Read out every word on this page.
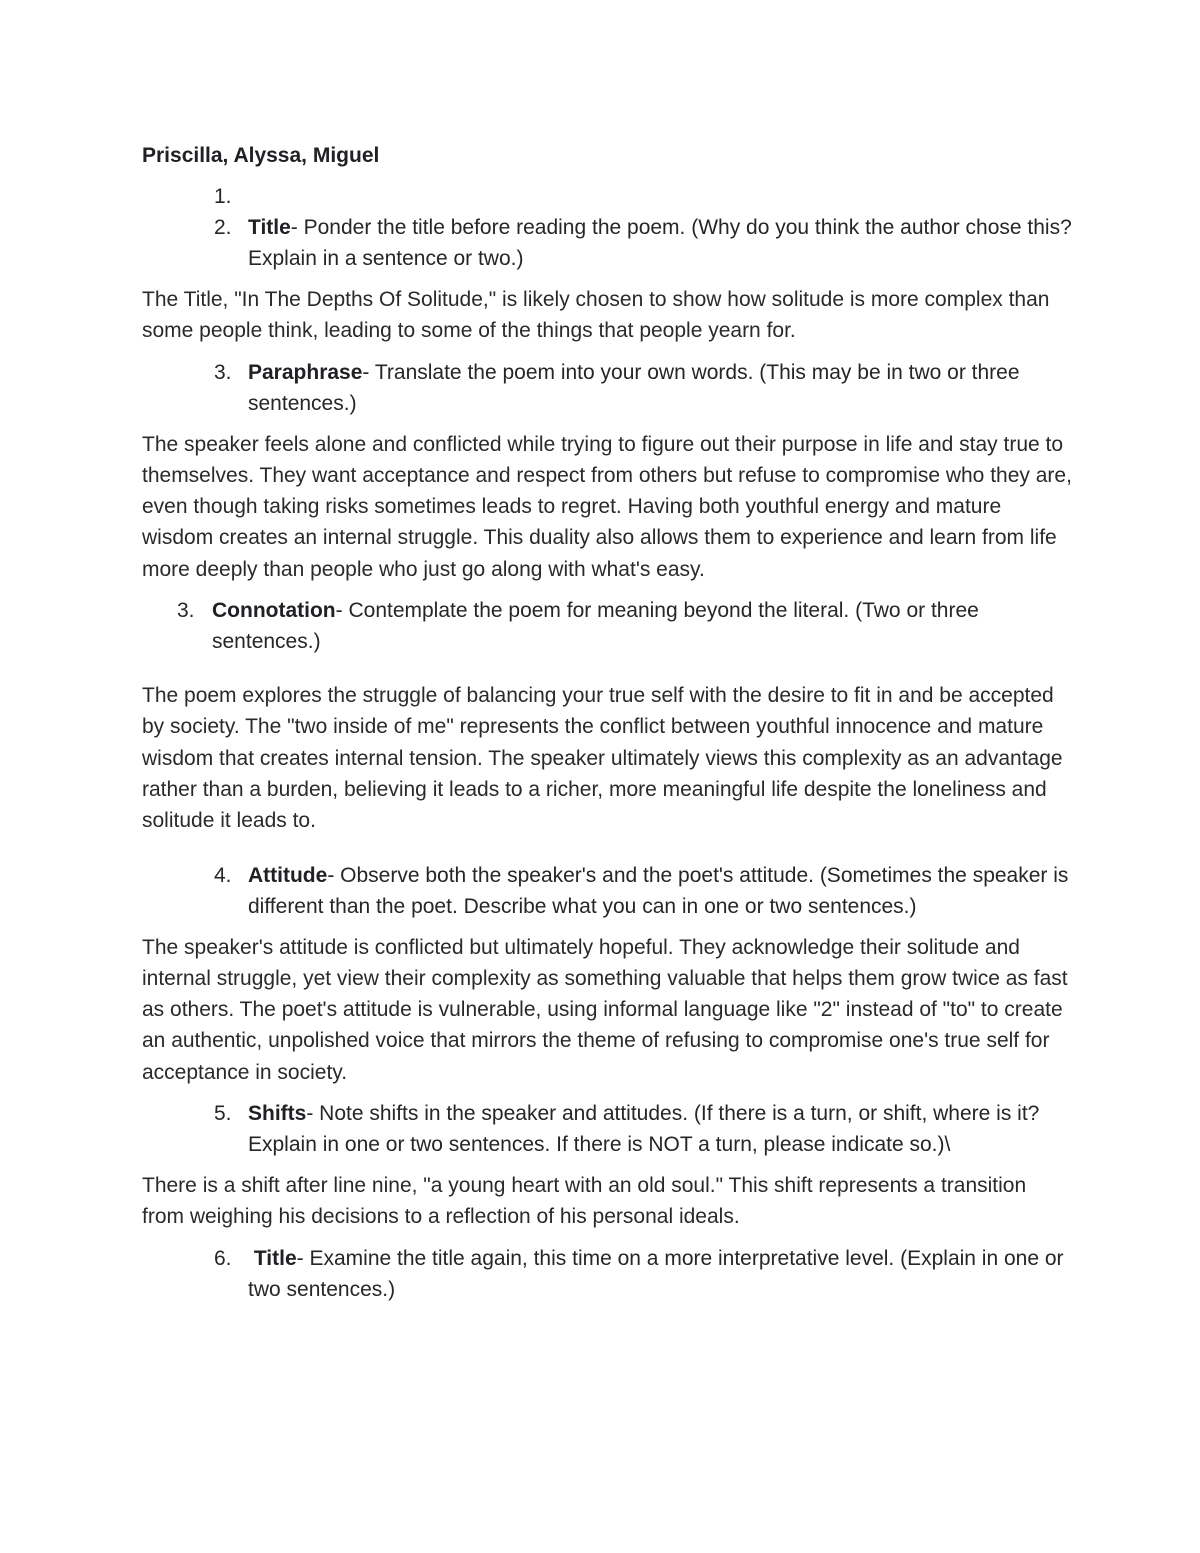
Priscilla, Alyssa, Miguel

1.

2. Title- Ponder the title before reading the poem. (Why do you think the author chose this? Explain in a sentence or two.)

The Title, "In The Depths Of Solitude," is likely chosen to show how solitude is more complex than some people think, leading to some of the things that people yearn for.

3. Paraphrase- Translate the poem into your own words. (This may be in two or three sentences.)

The speaker feels alone and conflicted while trying to figure out their purpose in life and stay true to themselves. They want acceptance and respect from others but refuse to compromise who they are, even though taking risks sometimes leads to regret. Having both youthful energy and mature wisdom creates an internal struggle. This duality also allows them to experience and learn from life more deeply than people who just go along with what's easy.

3. Connotation- Contemplate the poem for meaning beyond the literal. (Two or three sentences.)

The poem explores the struggle of balancing your true self with the desire to fit in and be accepted by society. The "two inside of me" represents the conflict between youthful innocence and mature wisdom that creates internal tension. The speaker ultimately views this complexity as an advantage rather than a burden, believing it leads to a richer, more meaningful life despite the loneliness and solitude it leads to.

4. Attitude- Observe both the speaker's and the poet's attitude. (Sometimes the speaker is different than the poet. Describe what you can in one or two sentences.)

The speaker's attitude is conflicted but ultimately hopeful. They acknowledge their solitude and internal struggle, yet view their complexity as something valuable that helps them grow twice as fast as others. The poet's attitude is vulnerable, using informal language like "2" instead of "to" to create an authentic, unpolished voice that mirrors the theme of refusing to compromise one's true self for acceptance in society.

5. Shifts- Note shifts in the speaker and attitudes. (If there is a turn, or shift, where is it? Explain in one or two sentences. If there is NOT a turn, please indicate so.)\

There is a shift after line nine, "a young heart with an old soul." This shift represents a transition from weighing his decisions to a reflection of his personal ideals.

6. Title- Examine the title again, this time on a more interpretative level. (Explain in one or two sentences.)
